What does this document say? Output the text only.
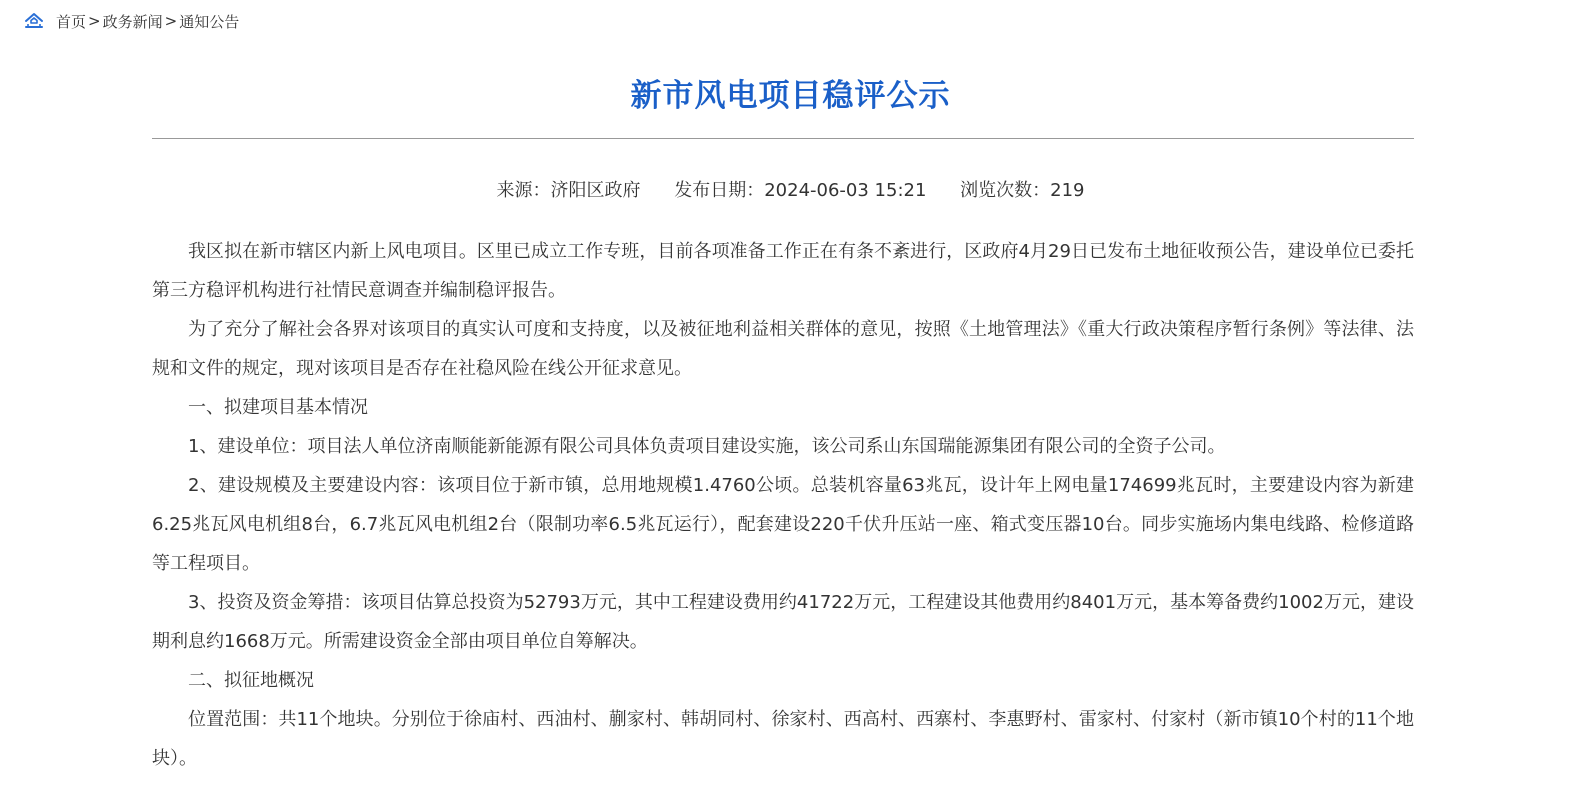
首页 > 政务新闻 > 通知公告
新市风电项目稳评公示
来源：济阳区政府 发布日期：2024-06-03 15:21 浏览次数：219

我区拟在新市辖区内新上风电项目。区里已成立工作专班，目前各项准备工作正在有条不紊进行，区政府4月29日已发布土地征收预公告，建设单位已委托第三方稳评机构进行社情民意调查并编制稳评报告。

为了充分了解社会各界对该项目的真实认可度和支持度，以及被征地利益相关群体的意见，按照《土地管理法》《重大行政决策程序暂行条例》等法律、法规和文件的规定，现对该项目是否存在社稳风险在线公开征求意见。

一、拟建项目基本情况

1、建设单位：项目法人单位济南顺能新能源有限公司具体负责项目建设实施，该公司系山东国瑞能源集团有限公司的全资子公司。

2、建设规模及主要建设内容：该项目位于新市镇，总用地规模1.4760公顷。总装机容量63兆瓦，设计年上网电量174699兆瓦时，主要建设内容为新建6.25兆瓦风电机组8台，6.7兆瓦风电机组2台（限制功率6.5兆瓦运行），配套建设220千伏升压站一座、箱式变压器10台。同步实施场内集电线路、检修道路等工程项目。

3、投资及资金筹措：该项目估算总投资为52793万元，其中工程建设费用约41722万元，工程建设其他费用约8401万元，基本筹备费约1002万元，建设期利息约1668万元。所需建设资金全部由项目单位自筹解决。

二、拟征地概况

位置范围：共11个地块。分别位于徐庙村、西油村、蒯家村、韩胡同村、徐家村、西高村、西寨村、李惠野村、雷家村、付家村（新市镇10个村的11个地块）。
